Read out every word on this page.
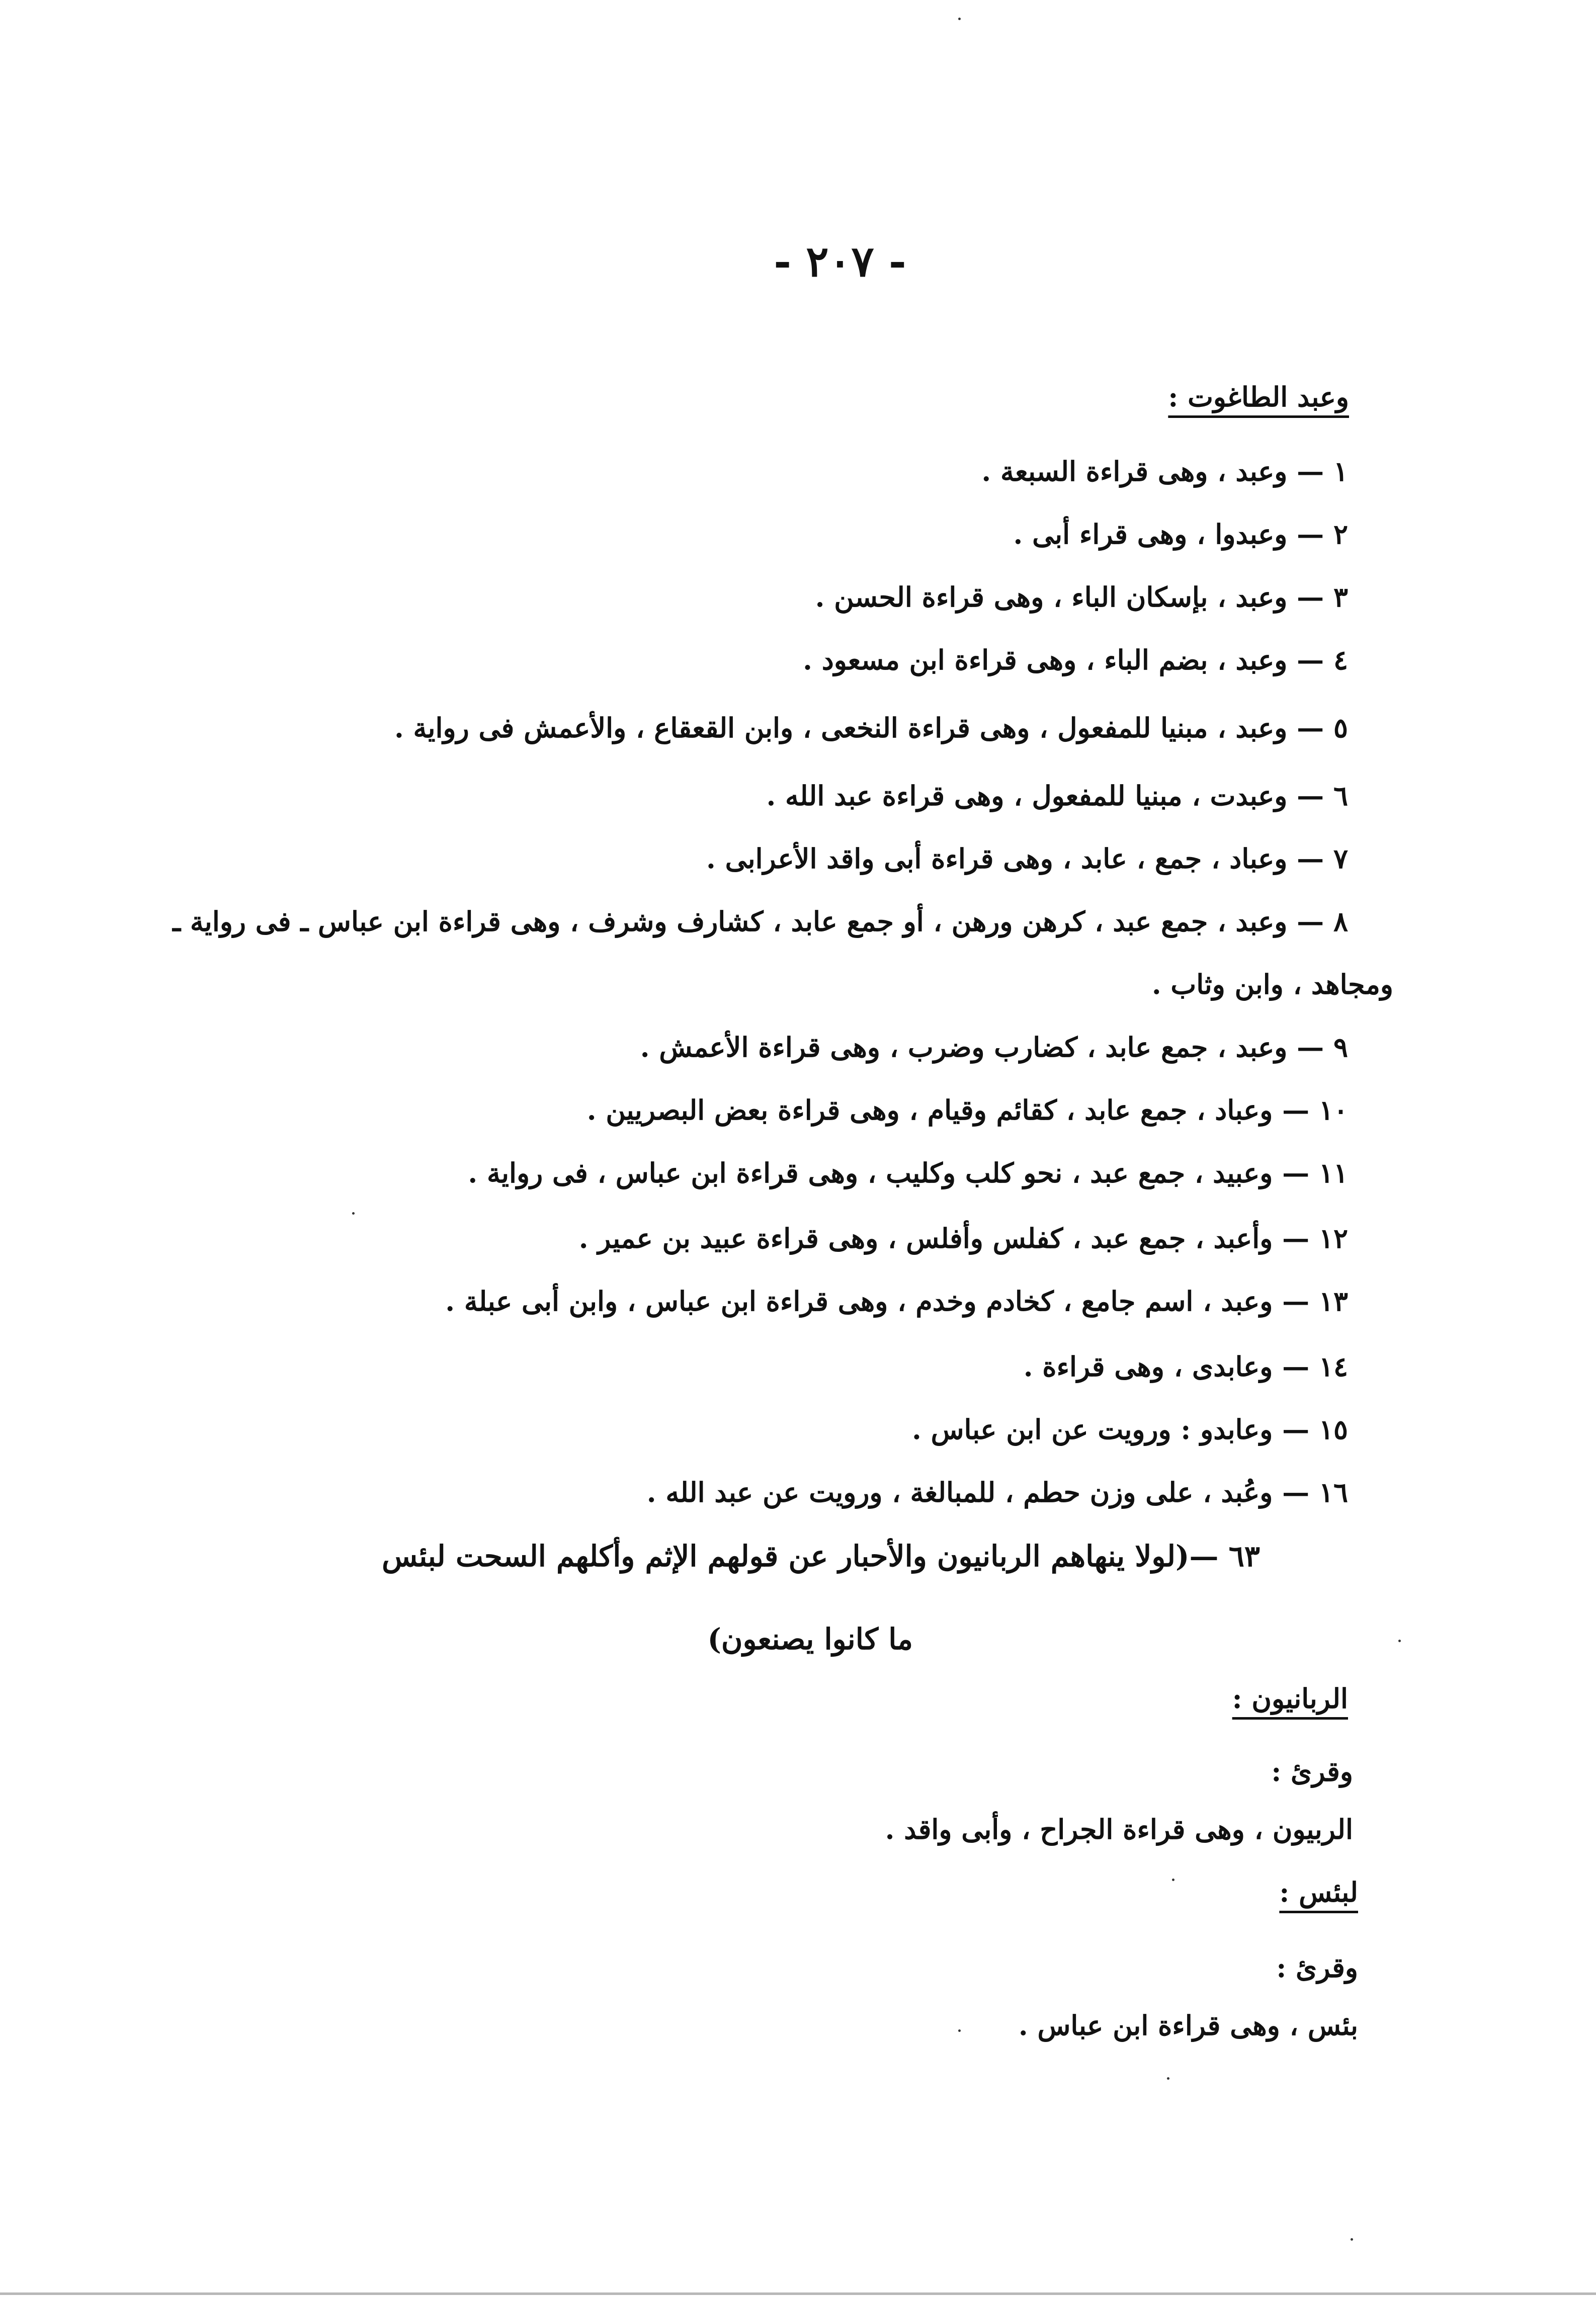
- ٢٠٧ -
وعبد الطاغوت :
١ — وعبد ، وهى قراءة السبعة .
٢ — وعبدوا ، وهى قراء أبى .
٣ — وعبد ، بإسكان الباء ، وهى قراءة الحسن .
٤ — وعبد ، بضم الباء ، وهى قراءة ابن مسعود .
٥ — وعبد ، مبنيا للمفعول ، وهى قراءة النخعى ، وابن القعقاع ، والأعمش فى رواية .
٦ — وعبدت ، مبنيا للمفعول ، وهى قراءة عبد الله .
٧ — وعباد ، جمع ، عابد ، وهى قراءة أبى واقد الأعرابى .
٨ — وعبد ، جمع عبد ، كرهن ورهن ، أو جمع عابد ، كشارف وشرف ، وهى قراءة ابن عباس ـ فى رواية ـ
ومجاهد ، وابن وثاب .
٩ — وعبد ، جمع عابد ، كضارب وضرب ، وهى قراءة الأعمش .
١٠ — وعباد ، جمع عابد ، كقائم وقيام ، وهى قراءة بعض البصريين .
١١ — وعبيد ، جمع عبد ، نحو كلب وكليب ، وهى قراءة ابن عباس ، فى رواية .
١٢ — وأعبد ، جمع عبد ، كفلس وأفلس ، وهى قراءة عبيد بن عمير .
١٣ — وعبد ، اسم جامع ، كخادم وخدم ، وهى قراءة ابن عباس ، وابن أبى عبلة .
١٤ — وعابدى ، وهى قراءة .
١٥ — وعابدو : ورويت عن ابن عباس .
١٦ — وعُبد ، على وزن حطم ، للمبالغة ، ورويت عن عبد الله .
٦٣ —(لولا ينهاهم الربانيون والأحبار عن قولهم الإثم وأكلهم السحت لبئس
ما كانوا يصنعون)
الربانيون :
وقرئ :
الربيون ، وهى قراءة الجراح ، وأبى واقد .
لبئس :
وقرئ :
بئس ، وهى قراءة ابن عباس .
